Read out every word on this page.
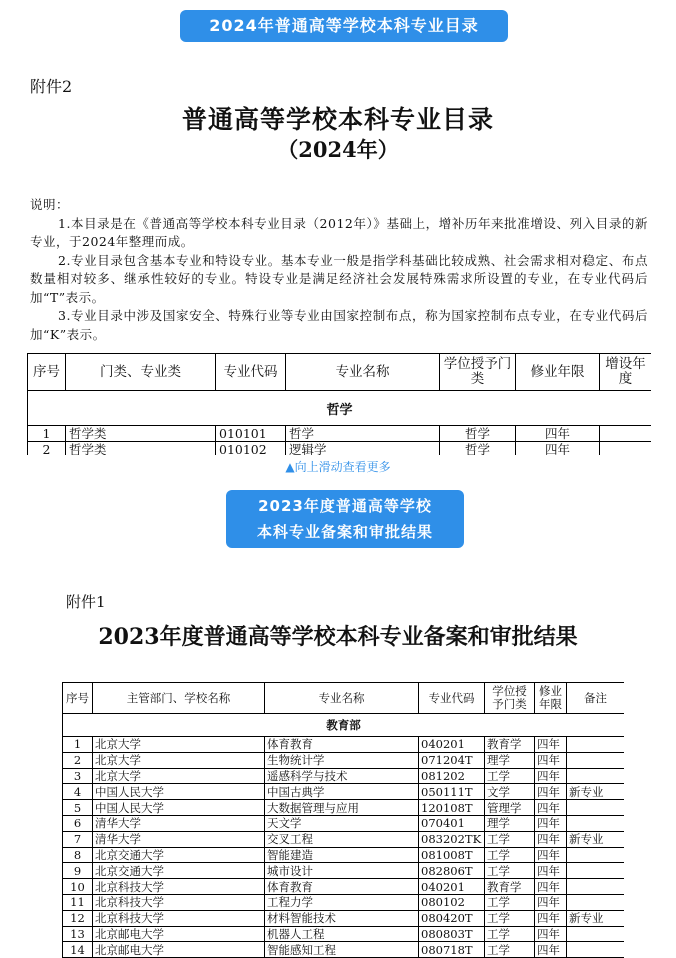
2024年普通高等学校本科专业目录
附件2
普通高等学校本科专业目录
（2024年）

说明：

1.本目录是在《普通高等学校本科专业目录（2012年）》基础上，增补历年来批准增设、列入目录的新专业，于2024年整理而成。

2.专业目录包含基本专业和特设专业。基本专业一般是指学科基础比较成熟、社会需求相对稳定、布点数量相对较多、继承性较好的专业。特设专业是满足经济社会发展特殊需求所设置的专业，在专业代码后加“T”表示。

3.专业目录中涉及国家安全、特殊行业等专业由国家控制布点，称为国家控制布点专业，在专业代码后加“K”表示。

序号	门类、专业类	专业代码	专业名称	学位授予门类	修业年限	增设年度
哲学						
1	哲学类	010101	哲学	哲学	四年	
2	哲学类	010102	逻辑学	哲学	四年	
▲向上滑动查看更多
2023年度普通高等学校
本科专业备案和审批结果
附件1
2023年度普通高等学校本科专业备案和审批结果
序号	主管部门、学校名称	专业名称	专业代码	学位授予门类	修业年限	备注
教育部						
1	北京大学	体育教育	040201	教育学	四年	
2	北京大学	生物统计学	071204T	理学	四年	
3	北京大学	遥感科学与技术	081202	工学	四年	
4	中国人民大学	中国古典学	050111T	文学	四年	新专业
5	中国人民大学	大数据管理与应用	120108T	管理学	四年	
6	清华大学	天文学	070401	理学	四年	
7	清华大学	交叉工程	083202TK	工学	四年	新专业
8	北京交通大学	智能建造	081008T	工学	四年	
9	北京交通大学	城市设计	082806T	工学	四年	
10	北京科技大学	体育教育	040201	教育学	四年	
11	北京科技大学	工程力学	080102	工学	四年	
12	北京科技大学	材料智能技术	080420T	工学	四年	新专业
13	北京邮电大学	机器人工程	080803T	工学	四年	
14	北京邮电大学	智能感知工程	080718T	工学	四年	
